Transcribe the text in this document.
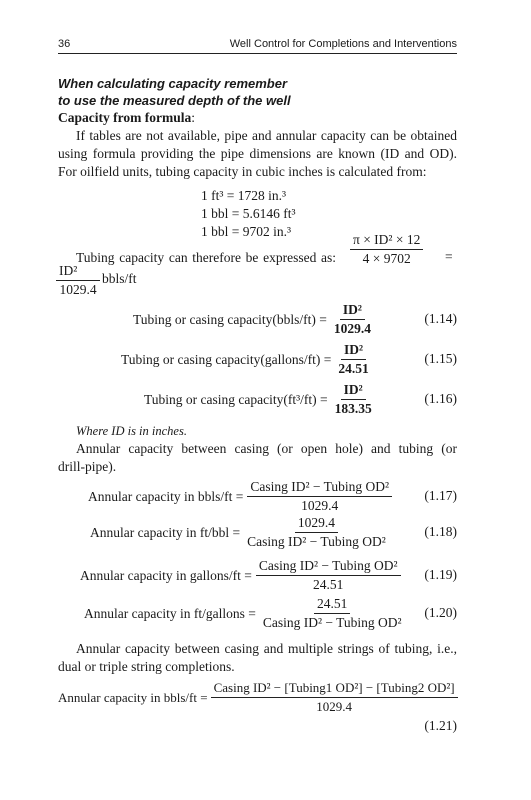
36	Well Control for Completions and Interventions
When calculating capacity remember
to use the measured depth of the well
Capacity from formula:
If tables are not available, pipe and annular capacity can be obtained
using formula providing the pipe dimensions are known (ID and OD).
For oilfield units, tubing capacity in cubic inches is calculated from:
1 ft³ = 1728 in.³
1 bbl = 5.6146 ft³
1 bbl = 9702 in.³
Tubing capacity can therefore be expressed as: $\frac{\text{π × ID² × 12}}{4 \times 9702}$ =
$\frac{\text{ID²}}{1029.4}$ bbls/ft
Tubing or casing capacity(bbls/ft) = $\frac{\text{ID²}}{1029.4}$	(1.14)
Tubing or casing capacity(gallons/ft) = $\frac{\text{ID²}}{24.51}$	(1.15)
Tubing or casing capacity(ft³/ft) = $\frac{\text{ID²}}{183.35}$	(1.16)
Where ID is in inches.
Annular capacity between casing (or open hole) and tubing (or
drill-pipe).
Annular capacity in bbls/ft = $\frac{\text{Casing ID² − Tubing OD²}}{1029.4} (1.17)$
Annular capacity in $ft/bbl = \frac{1029.4}{\text{Casing ID² − Tubing OD²}}$	(1.18)
Annular capacity in gallons/ft = $\frac{\text{Casing ID² − Tubing OD²}}{24.51} (1.19)$
Annular capacity in ft/gallons = $\frac{24.51}{\text{Casing ID² − Tubing OD²}} (1.20)$
Annular capacity between casing and multiple strings of tubing, i.e.,
dual or triple string completions.
Annular capacity in bbls/ft = $\frac{\text{Casing ID² − [Tubing1 OD²] − [Tubing2 OD²]}}{1029.4}$
(1.21)
